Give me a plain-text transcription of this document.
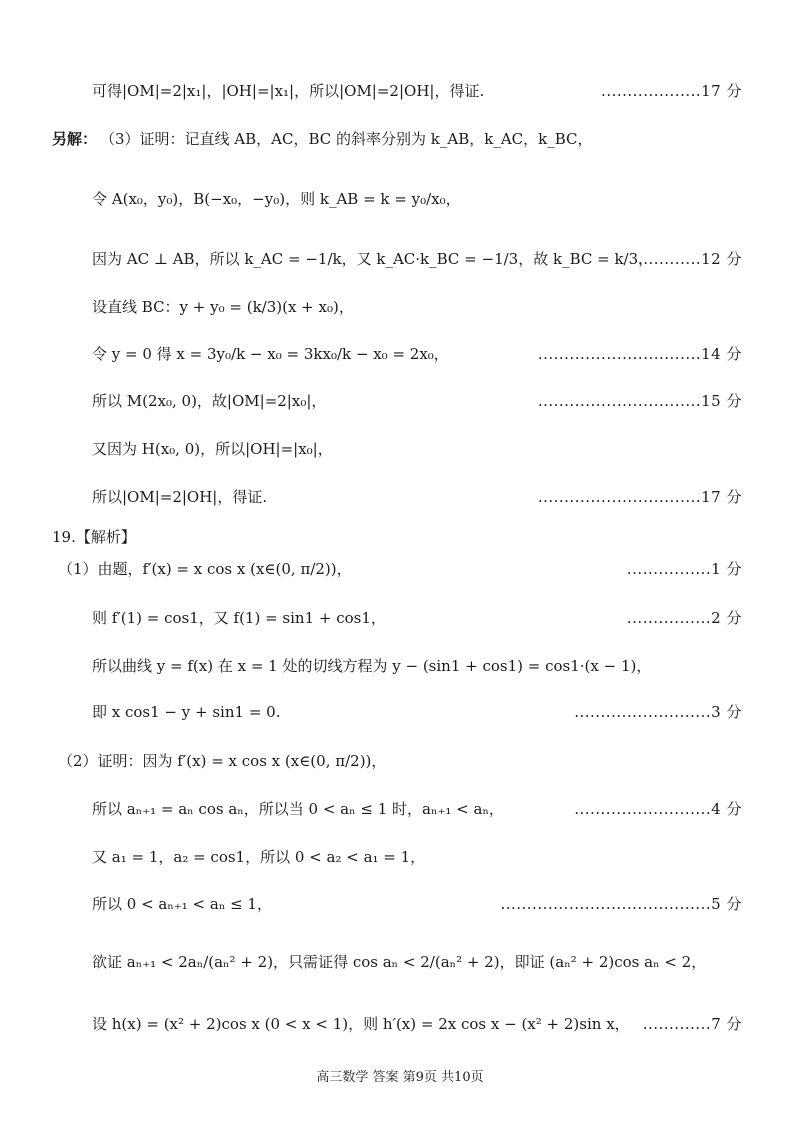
可得|OM|=2|x₁|，|OH|=|x₁|，所以|OM|=2|OH|，得证.	...................17 分
另解： （3）证明：记直线 AB，AC，BC 的斜率分别为 k_AB，k_AC，k_BC，
令 A(x₀，y₀)，B(−x₀，−y₀)，则 k_AB = k = y₀/x₀，
因为 AC ⊥ AB，所以 k_AC = −1/k，又 k_AC·k_BC = −1/3，故 k_BC = k/3，
............12 分
设直线 BC：y + y₀ = (k/3)(x + x₀)，
令 y = 0 得 x = 3y₀/k − x₀ = 3kx₀/k − x₀ = 2x₀，	...............................14 分
所以 M(2x₀, 0)，故|OM|=2|x₀|，	...............................15 分
又因为 H(x₀, 0)，所以|OH|=|x₀|，
所以|OM|=2|OH|，得证.	...............................17 分
19.【解析】
（1）由题，f′(x) = x cos x (x∈(0, π/2))，	................1 分
则 f′(1) = cos1，又 f(1) = sin1 + cos1，	................2 分
所以曲线 y = f(x) 在 x = 1 处的切线方程为 y − (sin1 + cos1) = cos1·(x − 1)，
即 x cos1 − y + sin1 = 0.	..........................3 分
（2）证明：因为 f′(x) = x cos x (x∈(0, π/2))，
所以 aₙ₊₁ = aₙ cos aₙ，所以当 0 < aₙ ≤ 1 时，aₙ₊₁ < aₙ，	..........................4 分
又 a₁ = 1，a₂ = cos1，所以 0 < a₂ < a₁ = 1，
所以 0 < aₙ₊₁ < aₙ ≤ 1，	........................................5 分
欲证 aₙ₊₁ < 2aₙ/(aₙ² + 2)，只需证得 cos aₙ < 2/(aₙ² + 2)，即证 (aₙ² + 2)cos aₙ < 2，
设 h(x) = (x² + 2)cos x (0 < x < 1)，则 h′(x) = 2x cos x − (x² + 2)sin x， .............7 分
高三数学 答案 第9页 共10页
